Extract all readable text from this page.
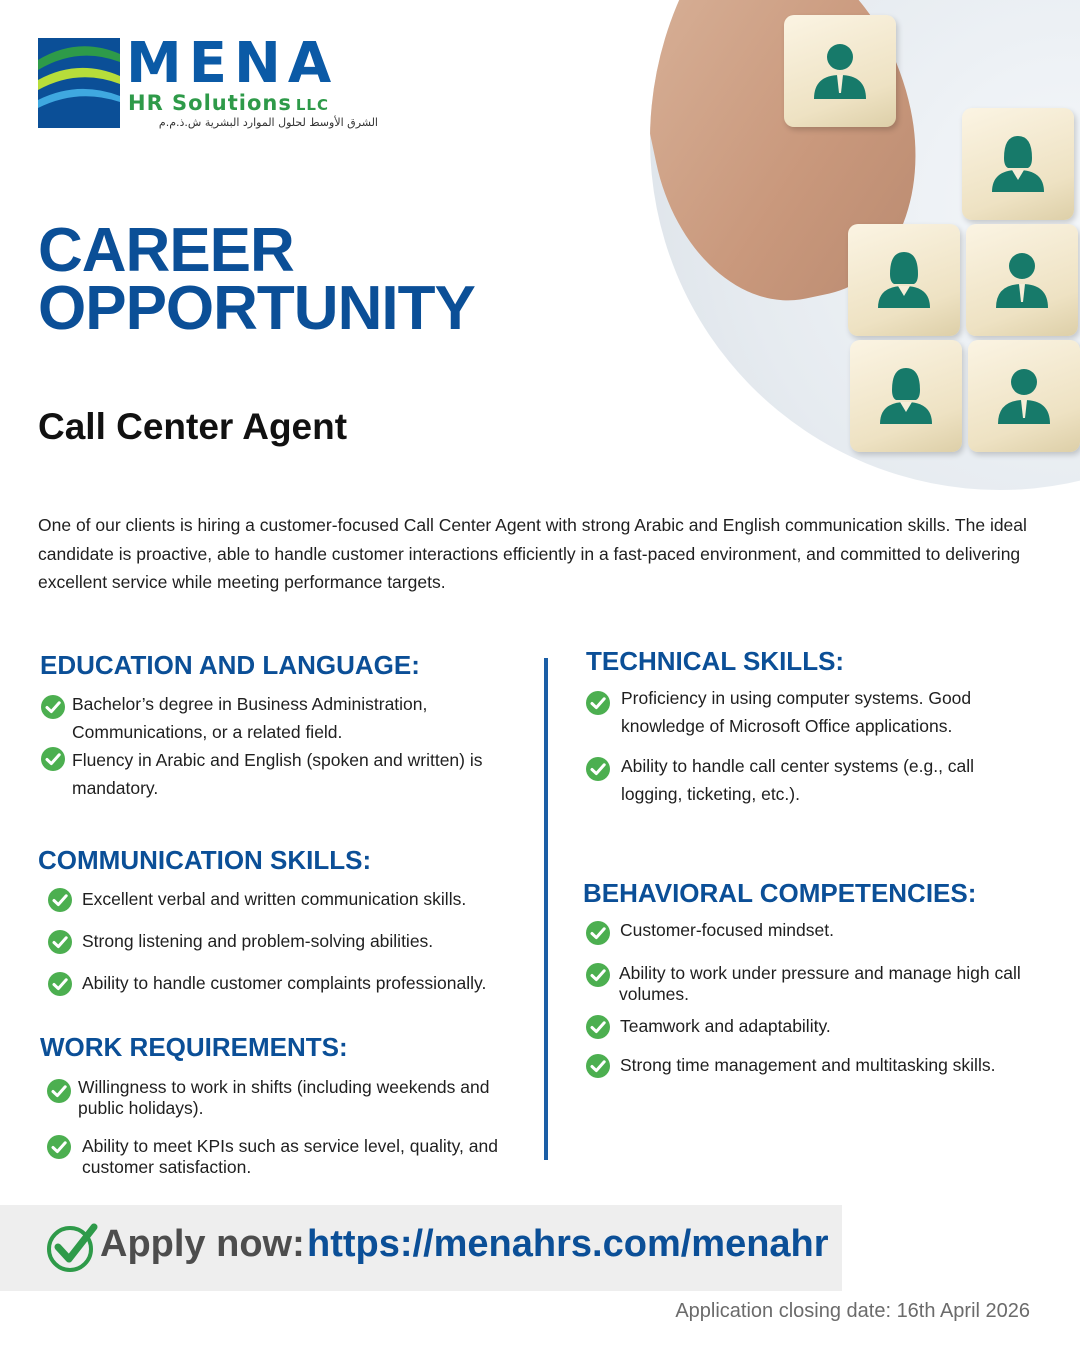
MENA
HR Solutions LLC
الشرق الأوسط لحلول الموارد البشرية ش.ذ.م.م
CAREER
OPPORTUNITY
Call Center Agent
One of our clients is hiring a customer-focused Call Center Agent with strong Arabic and English communication skills. The ideal candidate is proactive, able to handle customer interactions efficiently in a fast-paced environment, and committed to delivering excellent service while meeting performance targets.
EDUCATION AND LANGUAGE:
Bachelor’s degree in Business Administration, Communications, or a related field.
Fluency in Arabic and English (spoken and written) is mandatory.
COMMUNICATION SKILLS:
Excellent verbal and written communication skills.
Strong listening and problem-solving abilities.
Ability to handle customer complaints professionally.
WORK REQUIREMENTS:
Willingness to work in shifts (including weekends and public holidays).
Ability to meet KPIs such as service level, quality, and customer satisfaction.
TECHNICAL SKILLS:
Proficiency in using computer systems. Good knowledge of Microsoft Office applications.
Ability to handle call center systems (e.g., call logging, ticketing, etc.).
BEHAVIORAL COMPETENCIES:
Customer-focused mindset.
Ability to work under pressure and manage high call volumes.
Teamwork and adaptability.
Strong time management and multitasking skills.
Apply now: https://menahrs.com/menahr
Application closing date: 16th April 2026
